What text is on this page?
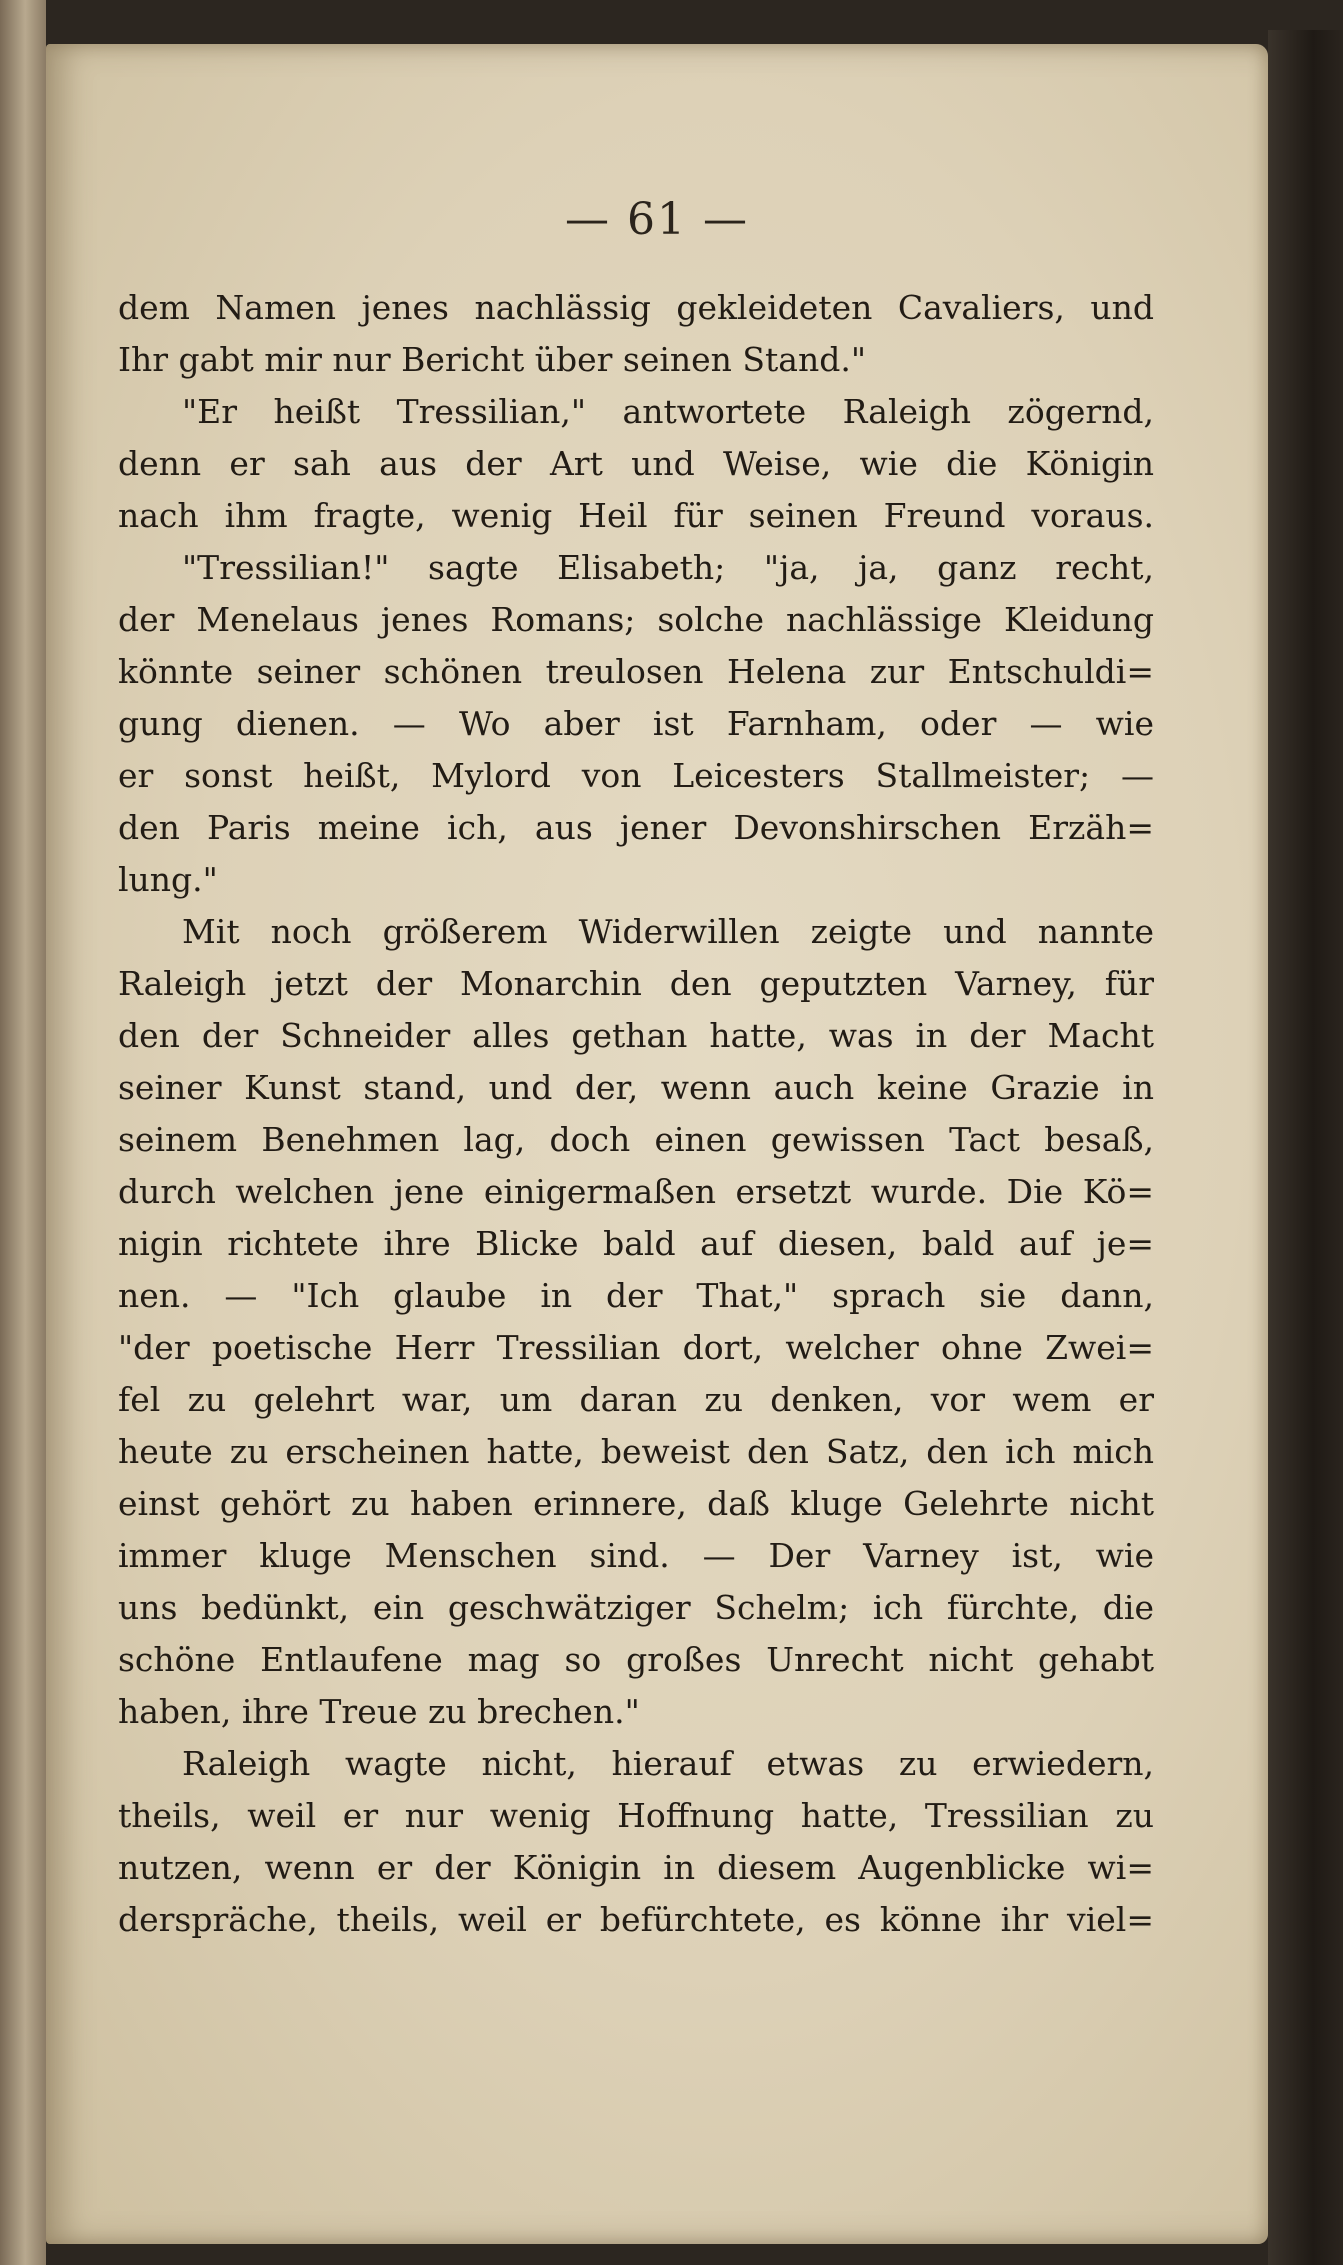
— 61 —
dem Namen jenes nachlässig gekleideten Cavaliers, und
Ihr gabt mir nur Bericht über seinen Stand."
"Er heißt Tressilian," antwortete Raleigh zögernd,
denn er sah aus der Art und Weise, wie die Königin
nach ihm fragte, wenig Heil für seinen Freund voraus.
"Tressilian!" sagte Elisabeth; "ja, ja, ganz recht,
der Menelaus jenes Romans; solche nachlässige Kleidung
könnte seiner schönen treulosen Helena zur Entschuldi=
gung dienen. — Wo aber ist Farnham, oder — wie
er sonst heißt, Mylord von Leicesters Stallmeister; —
den Paris meine ich, aus jener Devonshirschen Erzäh=
lung."
Mit noch größerem Widerwillen zeigte und nannte
Raleigh jetzt der Monarchin den geputzten Varney, für
den der Schneider alles gethan hatte, was in der Macht
seiner Kunst stand, und der, wenn auch keine Grazie in
seinem Benehmen lag, doch einen gewissen Tact besaß,
durch welchen jene einigermaßen ersetzt wurde. Die Kö=
nigin richtete ihre Blicke bald auf diesen, bald auf je=
nen. — "Ich glaube in der That," sprach sie dann,
"der poetische Herr Tressilian dort, welcher ohne Zwei=
fel zu gelehrt war, um daran zu denken, vor wem er
heute zu erscheinen hatte, beweist den Satz, den ich mich
einst gehört zu haben erinnere, daß kluge Gelehrte nicht
immer kluge Menschen sind. — Der Varney ist, wie
uns bedünkt, ein geschwätziger Schelm; ich fürchte, die
schöne Entlaufene mag so großes Unrecht nicht gehabt
haben, ihre Treue zu brechen."
Raleigh wagte nicht, hierauf etwas zu erwiedern,
theils, weil er nur wenig Hoffnung hatte, Tressilian zu
nutzen, wenn er der Königin in diesem Augenblicke wi=
derspräche, theils, weil er befürchtete, es könne ihr viel=
